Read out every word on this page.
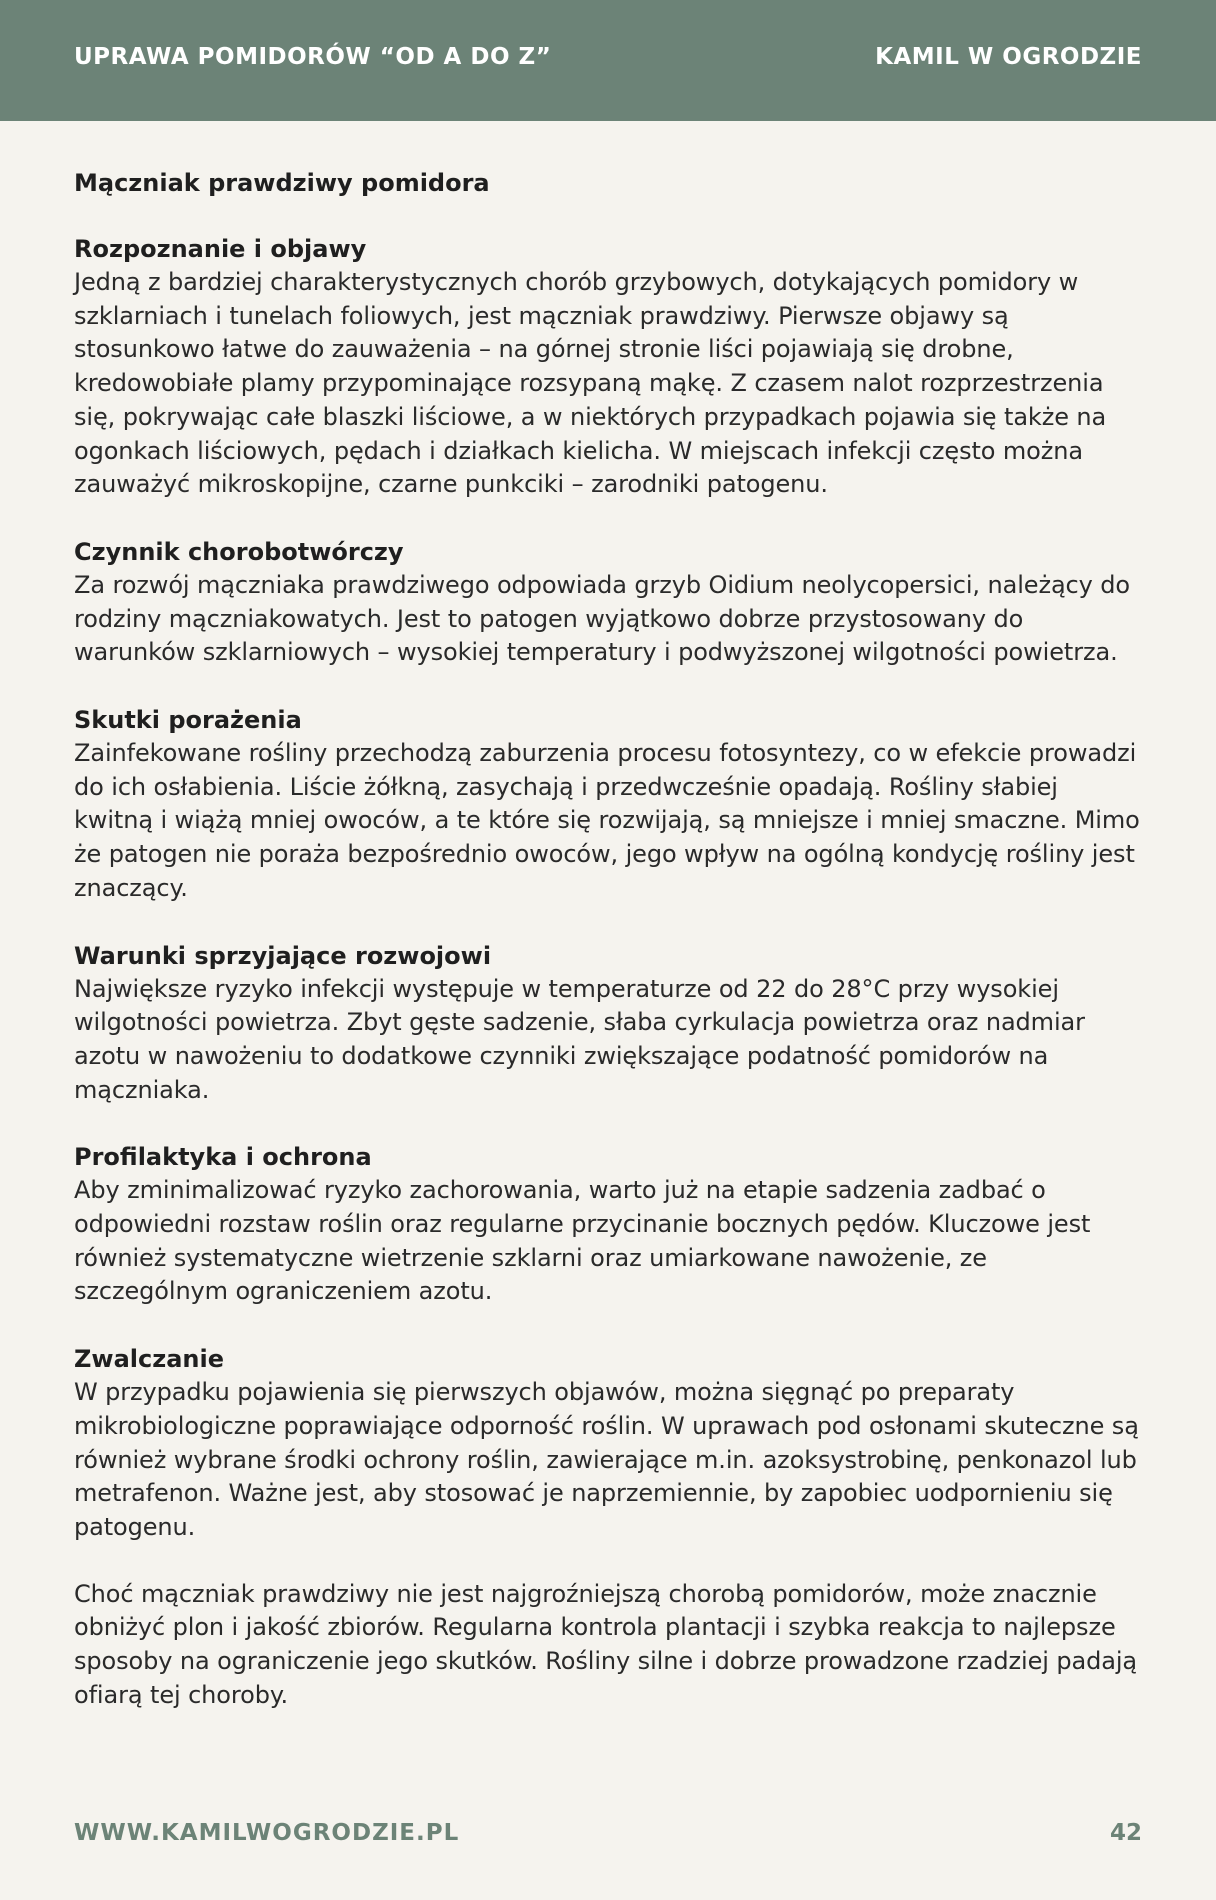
UPRAWA POMIDORÓW “OD A DO Z”	KAMIL W OGRODZIE
Mączniak prawdziwy pomidora
Rozpoznanie i objawy
Jedną z bardziej charakterystycznych chorób grzybowych, dotykających pomidory w szklarniach i tunelach foliowych, jest mączniak prawdziwy. Pierwsze objawy są stosunkowo łatwe do zauważenia – na górnej stronie liści pojawiają się drobne, kredowobiałe plamy przypominające rozsypaną mąkę. Z czasem nalot rozprzestrzenia się, pokrywając całe blaszki liściowe, a w niektórych przypadkach pojawia się także na ogonkach liściowych, pędach i działkach kielicha. W miejscach infekcji często można zauważyć mikroskopijne, czarne punkciki – zarodniki patogenu.
Czynnik chorobotwórczy
Za rozwój mączniaka prawdziwego odpowiada grzyb Oidium neolycopersici, należący do rodziny mączniakowatych. Jest to patogen wyjątkowo dobrze przystosowany do warunków szklarniowych – wysokiej temperatury i podwyższonej wilgotności powietrza.
Skutki porażenia
Zainfekowane rośliny przechodzą zaburzenia procesu fotosyntezy, co w efekcie prowadzi do ich osłabienia. Liście żółkną, zasychają i przedwcześnie opadają. Rośliny słabiej kwitną i wiążą mniej owoców, a te które się rozwijają, są mniejsze i mniej smaczne. Mimo że patogen nie poraża bezpośrednio owoców, jego wpływ na ogólną kondycję rośliny jest znaczący.
Warunki sprzyjające rozwojowi
Największe ryzyko infekcji występuje w temperaturze od 22 do 28°C przy wysokiej wilgotności powietrza. Zbyt gęste sadzenie, słaba cyrkulacja powietrza oraz nadmiar azotu w nawożeniu to dodatkowe czynniki zwiększające podatność pomidorów na mączniaka.
Profilaktyka i ochrona
Aby zminimalizować ryzyko zachorowania, warto już na etapie sadzenia zadbać o odpowiedni rozstaw roślin oraz regularne przycinanie bocznych pędów. Kluczowe jest również systematyczne wietrzenie szklarni oraz umiarkowane nawożenie, ze szczególnym ograniczeniem azotu.
Zwalczanie
W przypadku pojawienia się pierwszych objawów, można sięgnąć po preparaty mikrobiologiczne poprawiające odporność roślin. W uprawach pod osłonami skuteczne są również wybrane środki ochrony roślin, zawierające m.in. azoksystrobinę, penkonazol lub metrafenon. Ważne jest, aby stosować je naprzemiennie, by zapobiec uodpornieniu się patogenu.
Choć mączniak prawdziwy nie jest najgroźniejszą chorobą pomidorów, może znacznie obniżyć plon i jakość zbiorów. Regularna kontrola plantacji i szybka reakcja to najlepsze sposoby na ograniczenie jego skutków. Rośliny silne i dobrze prowadzone rzadziej padają ofiarą tej choroby.
WWW.KAMILWOGRODZIE.PL	42
